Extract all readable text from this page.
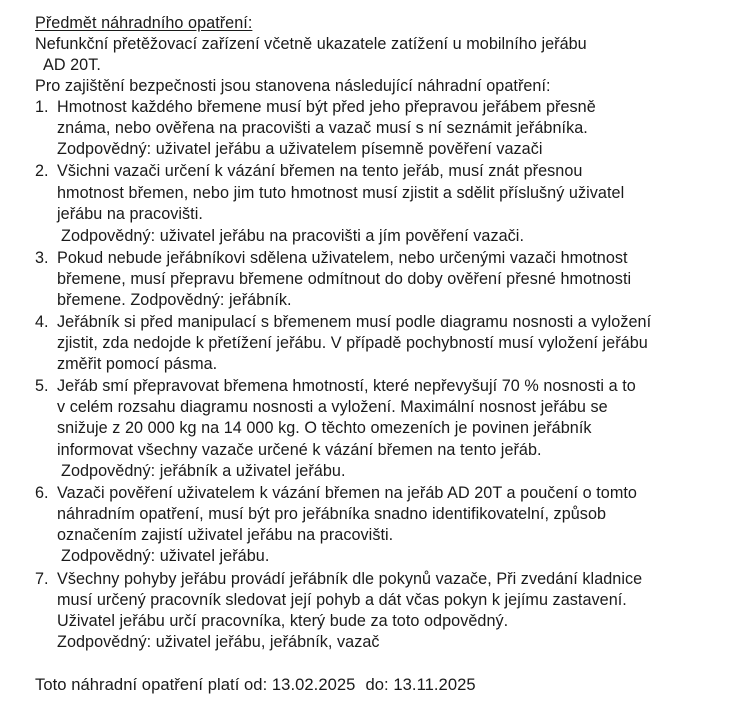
Předmět náhradního opatření:
Nefunkční přetěžovací zařízení včetně ukazatele zatížení u mobilního jeřábu
AD 20T.
Pro zajištění bezpečnosti jsou stanovena následující náhradní opatření:
1. Hmotnost každého břemene musí být před jeho přepravou jeřábem přesně
známa, nebo ověřena na pracovišti a vazač musí s ní seznámit jeřábníka.
Zodpovědný: uživatel jeřábu a uživatelem písemně pověření vazači
2. Všichni vazači určení k vázání břemen na tento jeřáb, musí znát přesnou
hmotnost břemen, nebo jim tuto hmotnost musí zjistit a sdělit příslušný uživatel
jeřábu na pracovišti.
Zodpovědný: uživatel jeřábu na pracovišti a jím pověření vazači.
3. Pokud nebude jeřábníkovi sdělena uživatelem, nebo určenými vazači hmotnost
břemene, musí přepravu břemene odmítnout do doby ověření přesné hmotnosti
břemene. Zodpovědný: jeřábník.
4. Jeřábník si před manipulací s břemenem musí podle diagramu nosnosti a vyložení
zjistit, zda nedojde k přetížení jeřábu. V případě pochybností musí vyložení jeřábu
změřit pomocí pásma.
5. Jeřáb smí přepravovat břemena hmotností, které nepřevyšují 70 % nosnosti a to
v celém rozsahu diagramu nosnosti a vyložení. Maximální nosnost jeřábu se
snižuje z 20 000 kg na 14 000 kg. O těchto omezeních je povinen jeřábník
informovat všechny vazače určené k vázání břemen na tento jeřáb.
Zodpovědný: jeřábník a uživatel jeřábu.
6. Vazači pověření uživatelem k vázání břemen na jeřáb AD 20T a poučení o tomto
náhradním opatření, musí být pro jeřábníka snadno identifikovatelní, způsob
označením zajistí uživatel jeřábu na pracovišti.
Zodpovědný: uživatel jeřábu.
7. Všechny pohyby jeřábu provádí jeřábník dle pokynů vazače, Při zvedání kladnice
musí určený pracovník sledovat její pohyb a dát včas pokyn k jejímu zastavení.
Uživatel jeřábu určí pracovníka, který bude za toto odpovědný.
Zodpovědný: uživatel jeřábu, jeřábník, vazač
Toto náhradní opatření platí od: 13.02.2025 do: 13.11.2025
